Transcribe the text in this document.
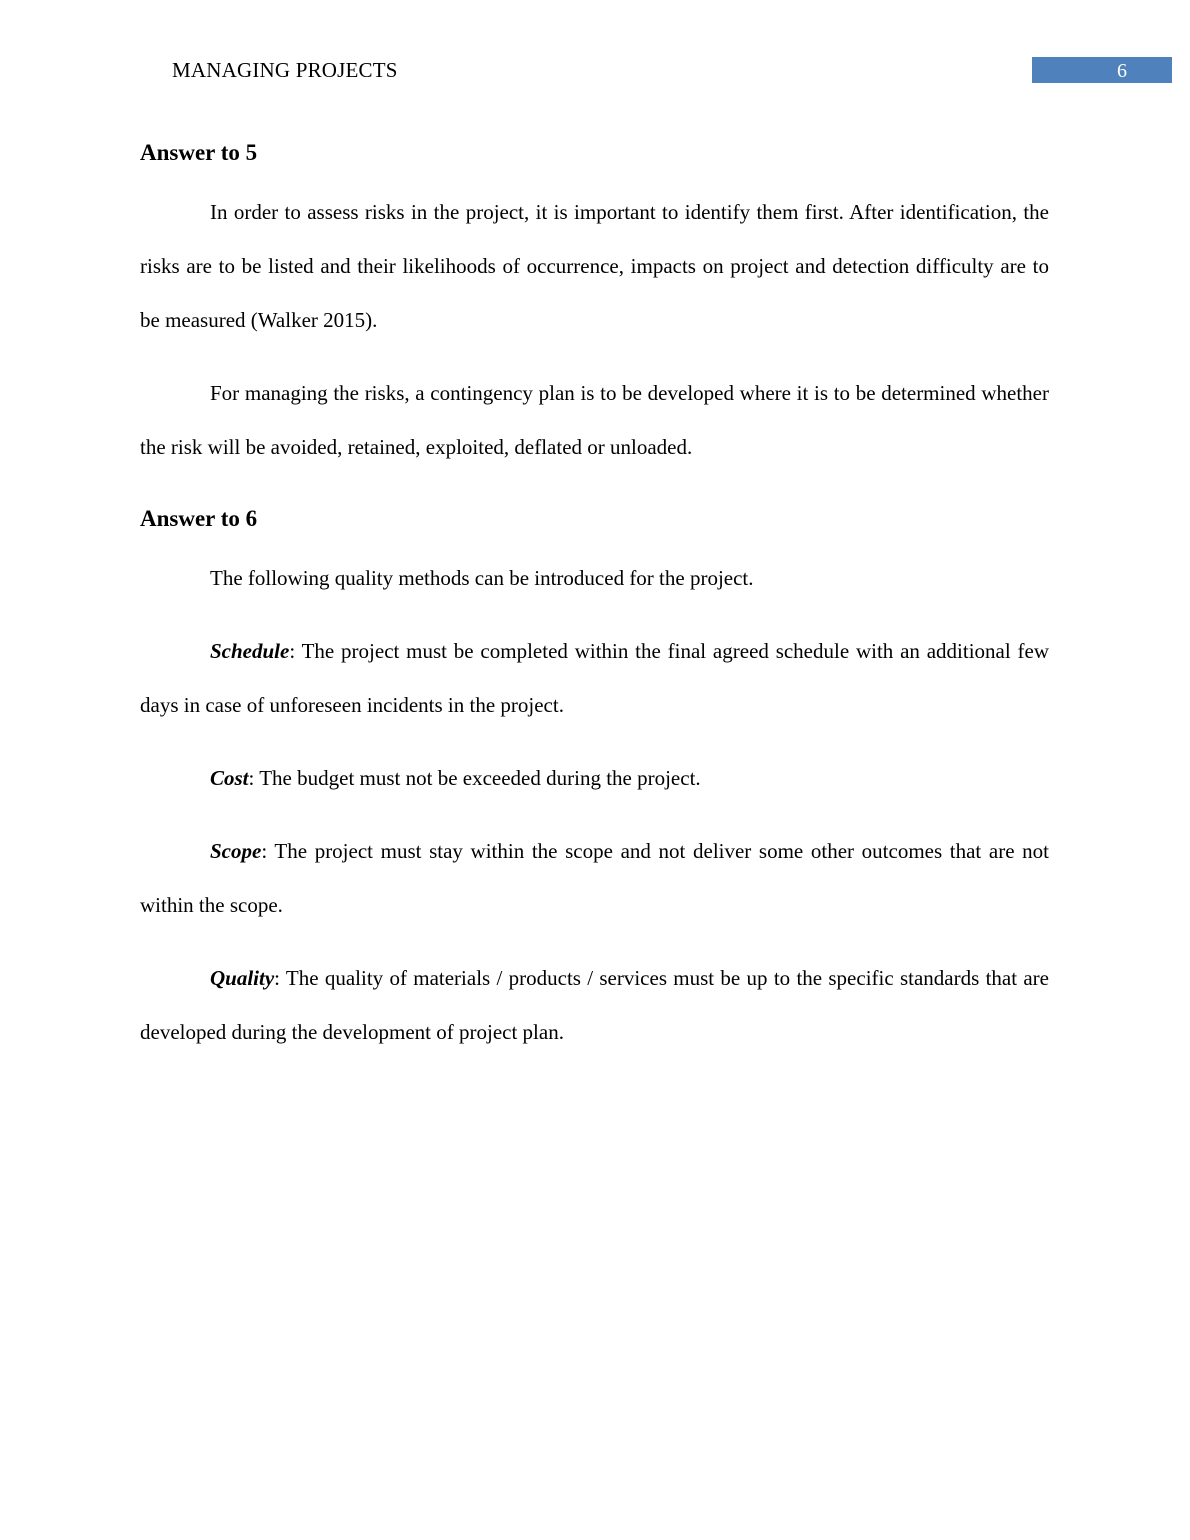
MANAGING PROJECTS	6
Answer to 5

In order to assess risks in the project, it is important to identify them first. After identification, the risks are to be listed and their likelihoods of occurrence, impacts on project and detection difficulty are to be measured (Walker 2015).

For managing the risks, a contingency plan is to be developed where it is to be determined whether the risk will be avoided, retained, exploited, deflated or unloaded.

Answer to 6

The following quality methods can be introduced for the project.

Schedule: The project must be completed within the final agreed schedule with an additional few days in case of unforeseen incidents in the project.

Cost: The budget must not be exceeded during the project.

Scope: The project must stay within the scope and not deliver some other outcomes that are not within the scope.

Quality: The quality of materials / products / services must be up to the specific standards that are developed during the development of project plan.
